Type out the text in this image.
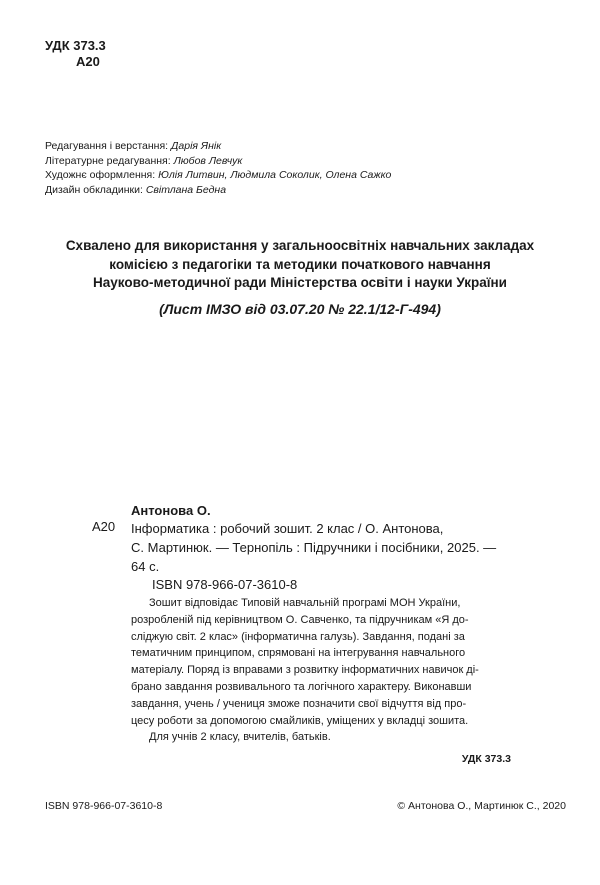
УДК 373.3
А20
Редагування і верстання: Дарія Янік
Літературне редагування: Любов Левчук
Художнє оформлення: Юлія Литвин, Людмила Соколик, Олена Сажко
Дизайн обкладинки: Світлана Бедна
Схвалено для використання у загальноосвітніх навчальних закладах
комісією з педагогіки та методики початкового навчання
Науково-методичної ради Міністерства освіти і науки України
(Лист ІМЗО від 03.07.20 № 22.1/12-Г-494)
Антонова О.
А20 Інформатика : робочий зошит. 2 клас / О. Антонова,
С. Мартинюк. — Тернопіль : Підручники і посібники, 2025. —
64 с.
ISBN 978-966-07-3610-8
Зошит відповідає Типовій навчальній програмі МОН України,
розробленій під керівництвом О. Савченко, та підручникам «Я до-
сліджую світ. 2 клас» (інформатична галузь). Завдання, подані за
тематичним принципом, спрямовані на інтегрування навчального
матеріалу. Поряд із вправами з розвитку інформатичних навичок ді-
брано завдання розвивального та логічного характеру. Виконавши
завдання, учень / учениця зможе позначити свої відчуття від про-
цесу роботи за допомогою смайликів, уміщених у вкладці зошита.
Для учнів 2 класу, вчителів, батьків.
УДК 373.3
ISBN 978-966-07-3610-8	© Антонова О., Мартинюк С., 2020
